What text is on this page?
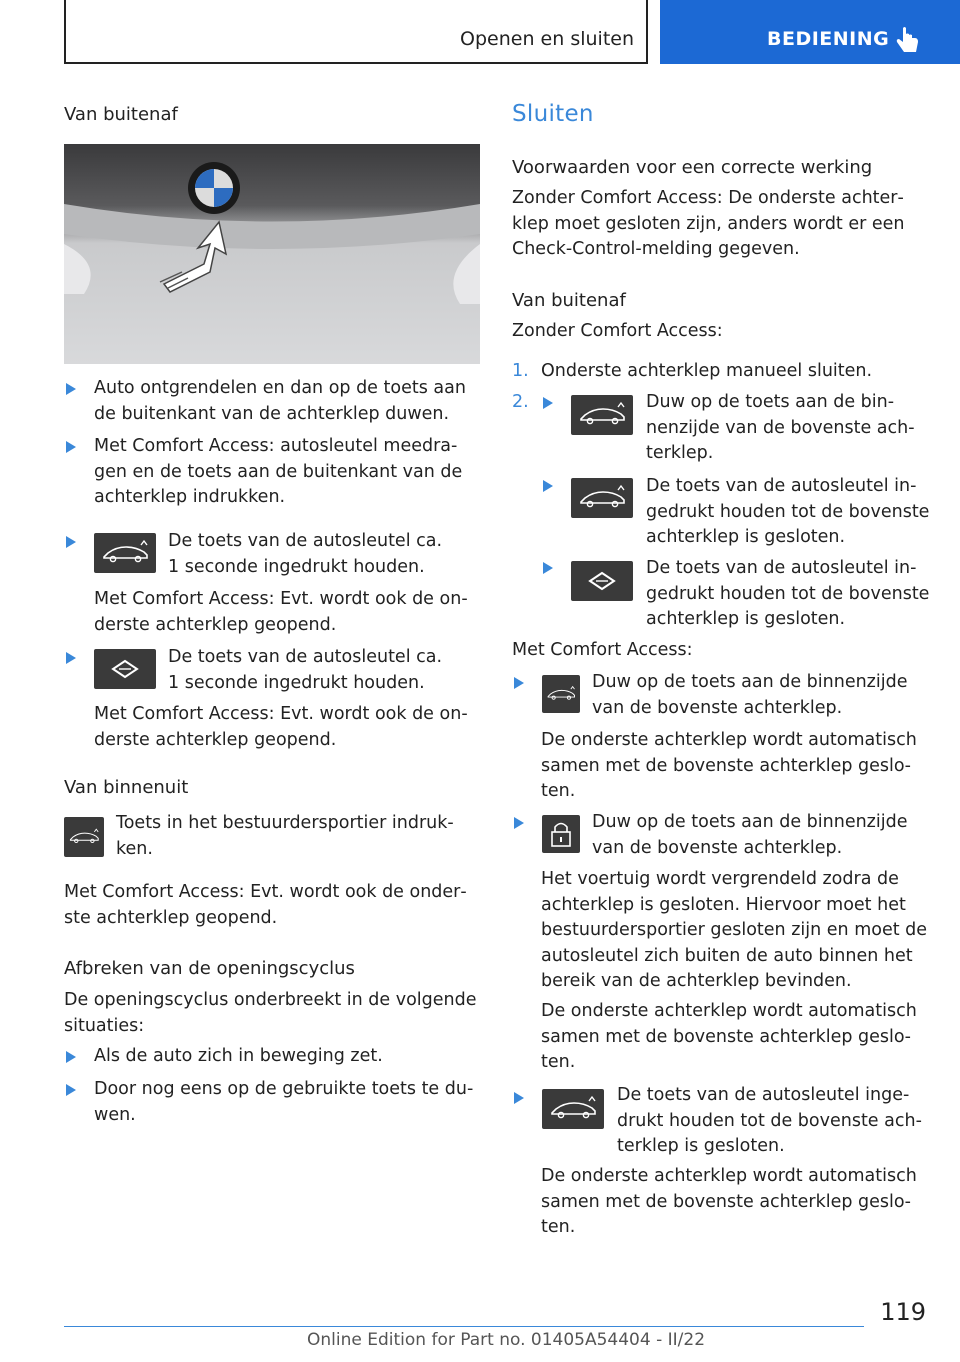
Openen en sluiten	BEDIENING
Van buitenaf
Auto ontgrendelen en dan op de toets aan de buitenkant van de achterklep duwen.
Met Comfort Access: autosleutel meedragen en de toets aan de buitenkant van de achterklep indrukken.
De toets van de autosleutel ca. 1 seconde ingedrukt houden.
Met Comfort Access: Evt. wordt ook de onderste achterklep geopend.
De toets van de autosleutel ca. 1 seconde ingedrukt houden.
Met Comfort Access: Evt. wordt ook de onderste achterklep geopend.
Van binnenuit
Toets in het bestuurdersportier indrukken.
Met Comfort Access: Evt. wordt ook de onderste achterklep geopend.
Afbreken van de openingscyclus
De openingscyclus onderbreekt in de volgende situaties:
Als de auto zich in beweging zet.
Door nog eens op de gebruikte toets te duwen.
Sluiten
Voorwaarden voor een correcte werking
Zonder Comfort Access: De onderste achterklep moet gesloten zijn, anders wordt er een Check-Control-melding gegeven.
Van buitenaf
Zonder Comfort Access:
1. Onderste achterklep manueel sluiten.
2.	Duw op de toets aan de binnenzijde van de bovenste achterklep.
De toets van de autosleutel ingedrukt houden tot de bovenste achterklep is gesloten.
De toets van de autosleutel ingedrukt houden tot de bovenste achterklep is gesloten.
Met Comfort Access:
Duw op de toets aan de binnenzijde van de bovenste achterklep.
De onderste achterklep wordt automatisch samen met de bovenste achterklep gesloten.
Duw op de toets aan de binnenzijde van de bovenste achterklep.
Het voertuig wordt vergrendeld zodra de achterklep is gesloten. Hiervoor moet het bestuurdersportier gesloten zijn en moet de autosleutel zich buiten de auto binnen het bereik van de achterklep bevinden.
De onderste achterklep wordt automatisch samen met de bovenste achterklep gesloten.
De toets van de autosleutel ingedrukt houden tot de bovenste achterklep is gesloten.
De onderste achterklep wordt automatisch samen met de bovenste achterklep gesloten.
119
Online Edition for Part no. 01405A54404 - II/22
